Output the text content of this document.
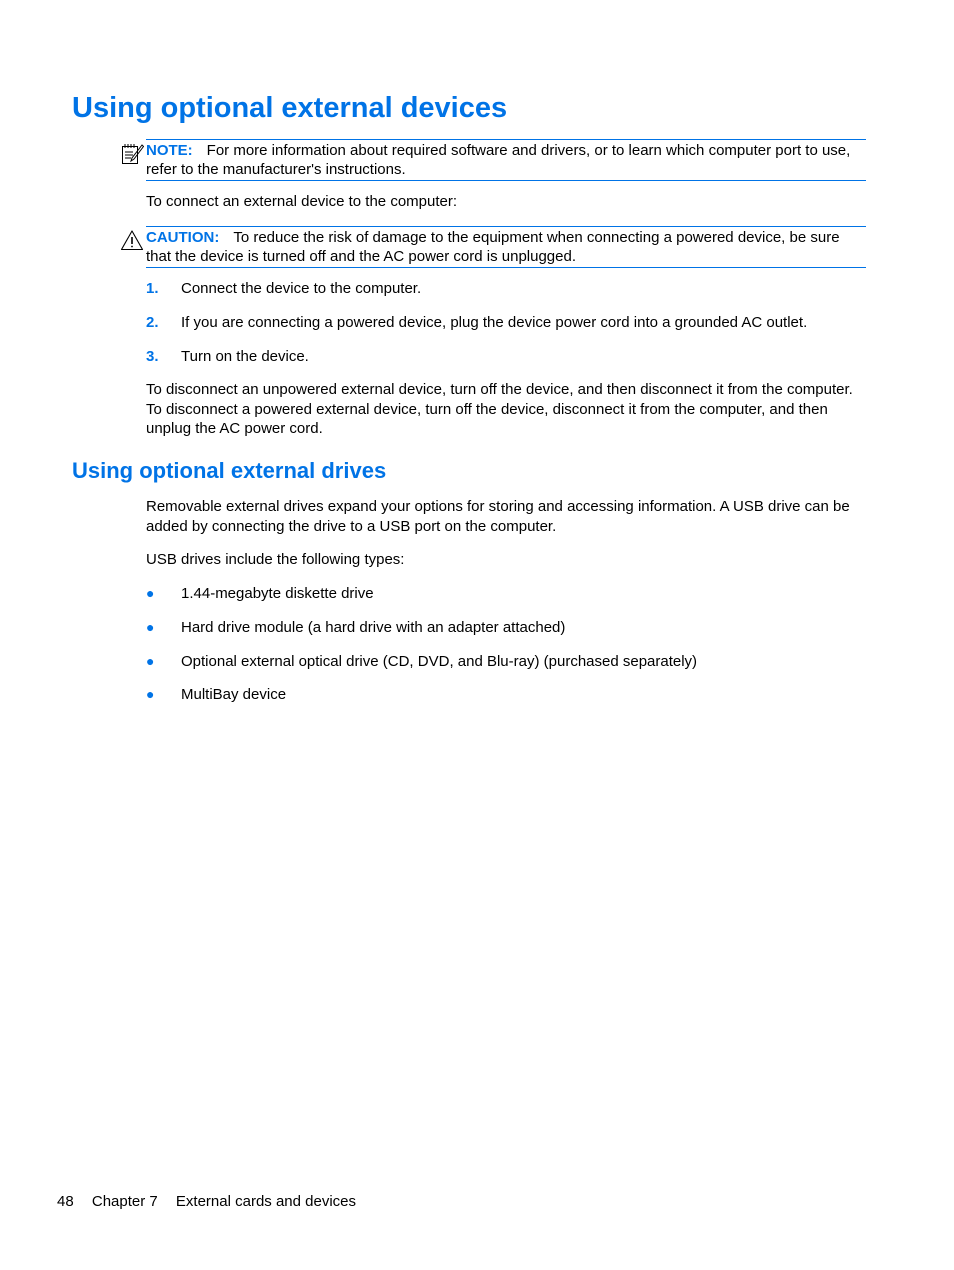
Using optional external devices

NOTE: For more information about required software and drivers, or to learn which computer port to use, refer to the manufacturer's instructions.

To connect an external device to the computer:

CAUTION: To reduce the risk of damage to the equipment when connecting a powered device, be sure that the device is turned off and the AC power cord is unplugged.

1. Connect the device to the computer.
2. If you are connecting a powered device, plug the device power cord into a grounded AC outlet.
3. Turn on the device.

To disconnect an unpowered external device, turn off the device, and then disconnect it from the computer. To disconnect a powered external device, turn off the device, disconnect it from the computer, and then unplug the AC power cord.

Using optional external drives

Removable external drives expand your options for storing and accessing information. A USB drive can be added by connecting the drive to a USB port on the computer.

USB drives include the following types:

● 1.44-megabyte diskette drive
● Hard drive module (a hard drive with an adapter attached)
● Optional external optical drive (CD, DVD, and Blu-ray) (purchased separately)
● MultiBay device
48 Chapter 7 External cards and devices
